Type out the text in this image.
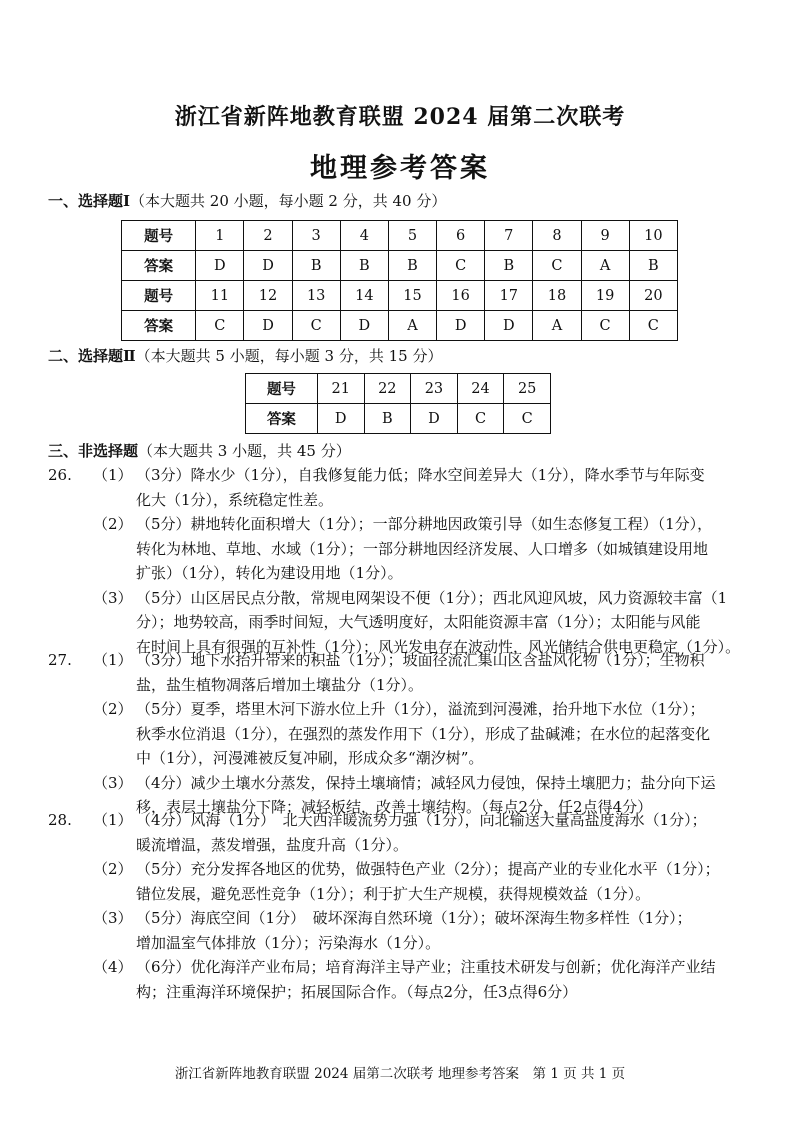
浙江省新阵地教育联盟 2024 届第二次联考
地理参考答案
一、选择题Ⅰ（本大题共 20 小题，每小题 2 分，共 40 分）
题号	1	2	3	4	5	6	7	8	9	10
答案	D	D	B	B	B	C	B	C	A	B
题号	11	12	13	14	15	16	17	18	19	20
答案	C	D	C	D	A	D	D	A	C	C
二、选择题Ⅱ（本大题共 5 小题，每小题 3 分，共 15 分）
题号	21	22	23	24	25
答案	D	B	D	C	C
三、非选择题（本大题共 3 小题，共 45 分）
26.	（1） （3分）降水少（1分），自我修复能力低；降水空间差异大（1分），降水季节与年际变
化大（1分），系统稳定性差。
（2） （5分）耕地转化面积增大（1分）；一部分耕地因政策引导（如生态修复工程）（1分），
转化为林地、草地、水域（1分）；一部分耕地因经济发展、人口增多（如城镇建设用地
扩张）（1分），转化为建设用地（1分）。
（3） （5分）山区居民点分散，常规电网架设不便（1分）；西北风迎风坡，风力资源较丰富（1
分）；地势较高，雨季时间短，大气透明度好，太阳能资源丰富（1分）；太阳能与风能
在时间上具有很强的互补性（1分）；风光发电存在波动性，风光储结合供电更稳定（1分）。
27.	（1） （3分）地下水抬升带来的积盐（1分）；坡面径流汇集山区含盐风化物（1分）；生物积
盐，盐生植物凋落后增加土壤盐分（1分）。
（2） （5分）夏季，塔里木河下游水位上升（1分），溢流到河漫滩，抬升地下水位（1分）；
秋季水位消退（1分），在强烈的蒸发作用下（1分），形成了盐碱滩；在水位的起落变化
中（1分），河漫滩被反复冲刷，形成众多“潮汐树”。
（3） （4分）减少土壤水分蒸发，保持土壤墒情；减轻风力侵蚀，保持土壤肥力；盐分向下运
移，表层土壤盐分下降；减轻板结，改善土壤结构。（每点2分，任2点得4分）
28.	（1） （4分）风海（1分）　北大西洋暖流势力强（1分），向北输送大量高盐度海水（1分）；
暖流增温，蒸发增强，盐度升高（1分）。
（2） （5分）充分发挥各地区的优势，做强特色产业（2分）；提高产业的专业化水平（1分）；
错位发展，避免恶性竞争（1分）；利于扩大生产规模，获得规模效益（1分）。
（3） （5分）海底空间（1分）　破坏深海自然环境（1分）；破坏深海生物多样性（1分）；
增加温室气体排放（1分）；污染海水（1分）。
（4） （6分）优化海洋产业布局；培育海洋主导产业；注重技术研发与创新；优化海洋产业结
构；注重海洋环境保护；拓展国际合作。（每点2分，任3点得6分）
浙江省新阵地教育联盟 2024 届第二次联考 地理参考答案　第 1 页 共 1 页
